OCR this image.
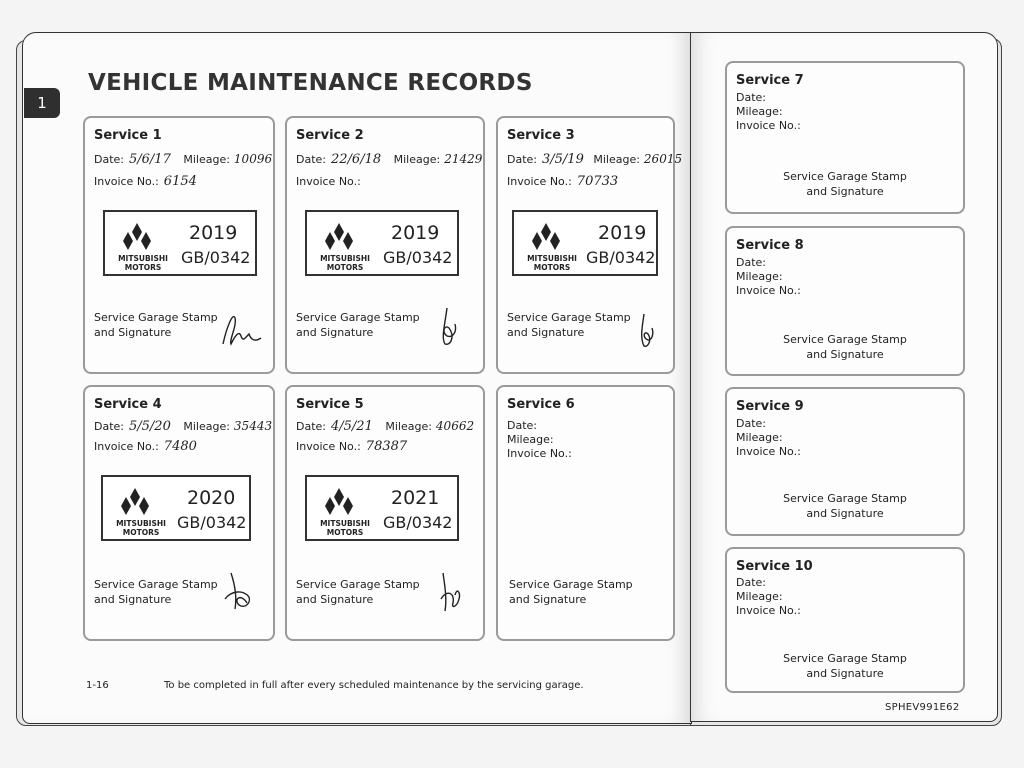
1
VEHICLE MAINTENANCE RECORDS
Service 1
Date: 5/6/17 Mileage: 10096
Invoice No.: 6154
MITSUBISHI
MOTORS
2019
GB/0342
Service Garage Stamp
and Signature
Service 2
Date: 22/6/18 Mileage: 21429
Invoice No.:
MITSUBISHI
MOTORS
2019
GB/0342
Service Garage Stamp
and Signature
Service 3
Date: 3/5/19 Mileage: 26015
Invoice No.: 70733
MITSUBISHI
MOTORS
2019
GB/0342
Service Garage Stamp
and Signature
Service 4
Date: 5/5/20 Mileage: 35443
Invoice No.: 7480
MITSUBISHI
MOTORS
2020
GB/0342
Service Garage Stamp
and Signature
Service 5
Date: 4/5/21 Mileage: 40662
Invoice No.: 78387
MITSUBISHI
MOTORS
2021
GB/0342
Service Garage Stamp
and Signature
Service 6
Date:
Mileage:
Invoice No.:
Service Garage Stamp
and Signature
Service 7
Date:
Mileage:
Invoice No.:
Service Garage Stamp
and Signature
Service 8
Date:
Mileage:
Invoice No.:
Service Garage Stamp
and Signature
Service 9
Date:
Mileage:
Invoice No.:
Service Garage Stamp
and Signature
Service 10
Date:
Mileage:
Invoice No.:
Service Garage Stamp
and Signature
1-16	To be completed in full after every scheduled maintenance by the servicing garage.
SPHEV991E62
